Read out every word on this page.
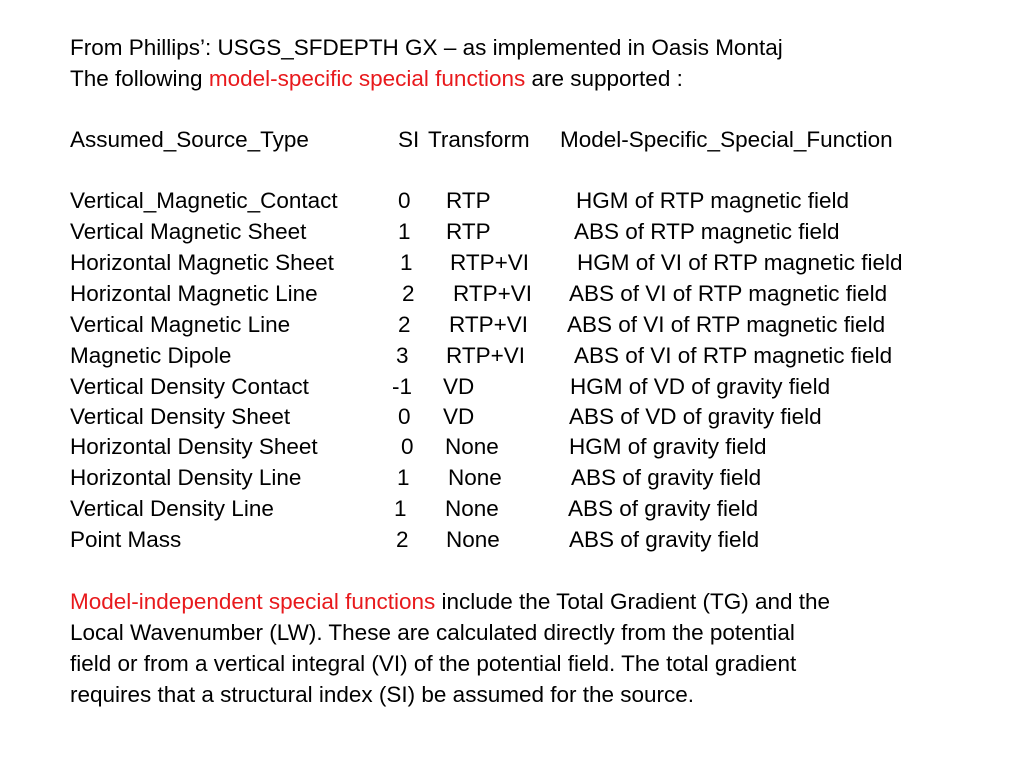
From Phillips’: USGS_SFDEPTH GX – as implemented in Oasis Montaj
The following model-specific special functions are supported :
Assumed_Source_Type	SI Transform Model-Specific_Special_Function
Vertical_Magnetic_Contact	0 RTP	HGM of RTP magnetic field
Vertical Magnetic Sheet	1 RTP	ABS of RTP magnetic field
Horizontal Magnetic Sheet	1 RTP+VI HGM of VI of RTP magnetic field
Horizontal Magnetic Line	2 RTP+VI ABS of VI of RTP magnetic field
Vertical Magnetic Line	2 RTP+VI ABS of VI of RTP magnetic field
Magnetic Dipole	3 RTP+VI ABS of VI of RTP magnetic field
Vertical Density Contact	-1 VD	HGM of VD of gravity field
Vertical Density Sheet	0 VD	ABS of VD of gravity field
Horizontal Density Sheet	0 None	HGM of gravity field
Horizontal Density Line	1 None	ABS of gravity field
Vertical Density Line	1 None	ABS of gravity field
Point Mass	2 None	ABS of gravity field
Model-independent special functions include the Total Gradient (TG) and the
Local Wavenumber (LW). These are calculated directly from the potential
field or from a vertical integral (VI) of the potential field. The total gradient
requires that a structural index (SI) be assumed for the source.
